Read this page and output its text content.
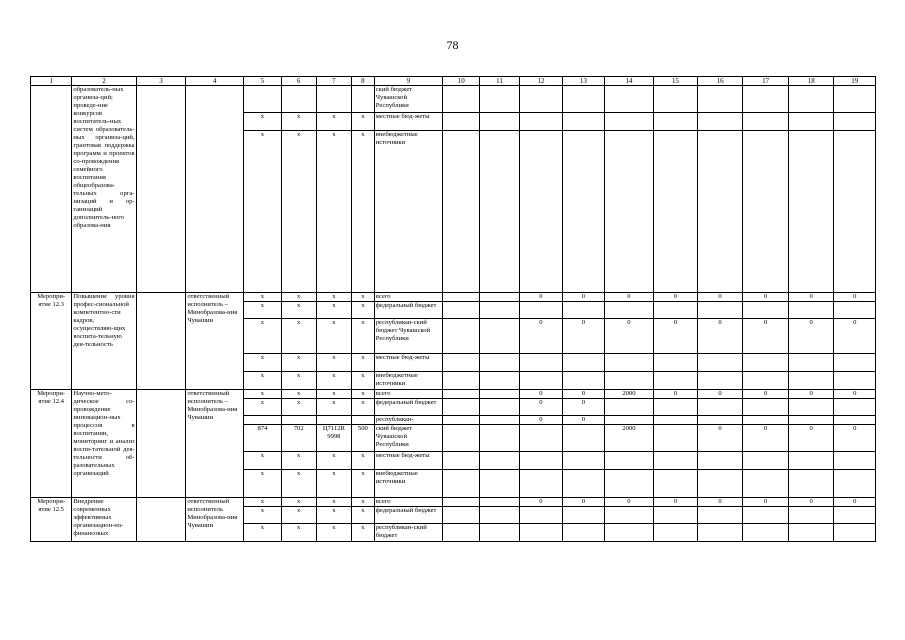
78
1	2	3	4	5	6	7	8	9	10	11	12	13	14	15	16	17	18	19
	образователь-ных организа-ций; проведе-ние конкурсов воспитатель-ных систем образователь-ных организа-ций, грантовая поддержка программ и проектов со-провождения семейного воспитания общеобразова-тельных орга-низаций и ор-ганизаций дополнитель-ного образова-ния							ский бюджет Чувашской Республики										
				x	x	x	x	местные бюд-жеты										
				x	x	x	x	внебюджетные источники										
Меропри-ятие 12.3	Повышение уровня профес-сиональной компетентно-сти кадров, осуществляю-щих воспита-тельную дея-тельность		ответственный исполнитель – Минобразова-ния Чувашии	x	x	x	x	всего			0	0	0	0	0	0	0	0
				x	x	x	x	федеральный бюджет										
				x	x	x	x	республикан-ский бюджет Чувашской Республики			0	0	0	0	0	0	0	0
				x	x	x	x	местные бюд-жеты										
				x	x	x	x	внебюджетные источники										
Меропри-ятие 12.4	Научно-мето-дическое со-провождение инновацион-ных процессов в воспитании, мониторинг и анализ воспи-тательной дея-тельности об-разовательных организаций		ответственный исполнитель – Минобразова-ния Чувашии	x	x	x	x	всего			0	0	2000	0	0	0	0	0
				x	x	x	x	федеральный бюджет			0	0						
								республикан-			0	0						
				874	702	Ц7112R 9998	500	ский бюджет Чувашской Республики					2000		0	0	0	0
				x	x	x	x	местные бюд-жеты										
				x	x	x	x	внебюджетные источники										
Меропри-ятие 12.5	Внедрение современных эффективных организацион-но-финансовых		ответственный исполнитель Минобразова-ния Чувашии	x	x	x	x	всего			0	0	0	0	0	0	0	0
				x	x	x	x	федеральный бюджет										
				x	x	x	x	республикан-ский бюджет										
